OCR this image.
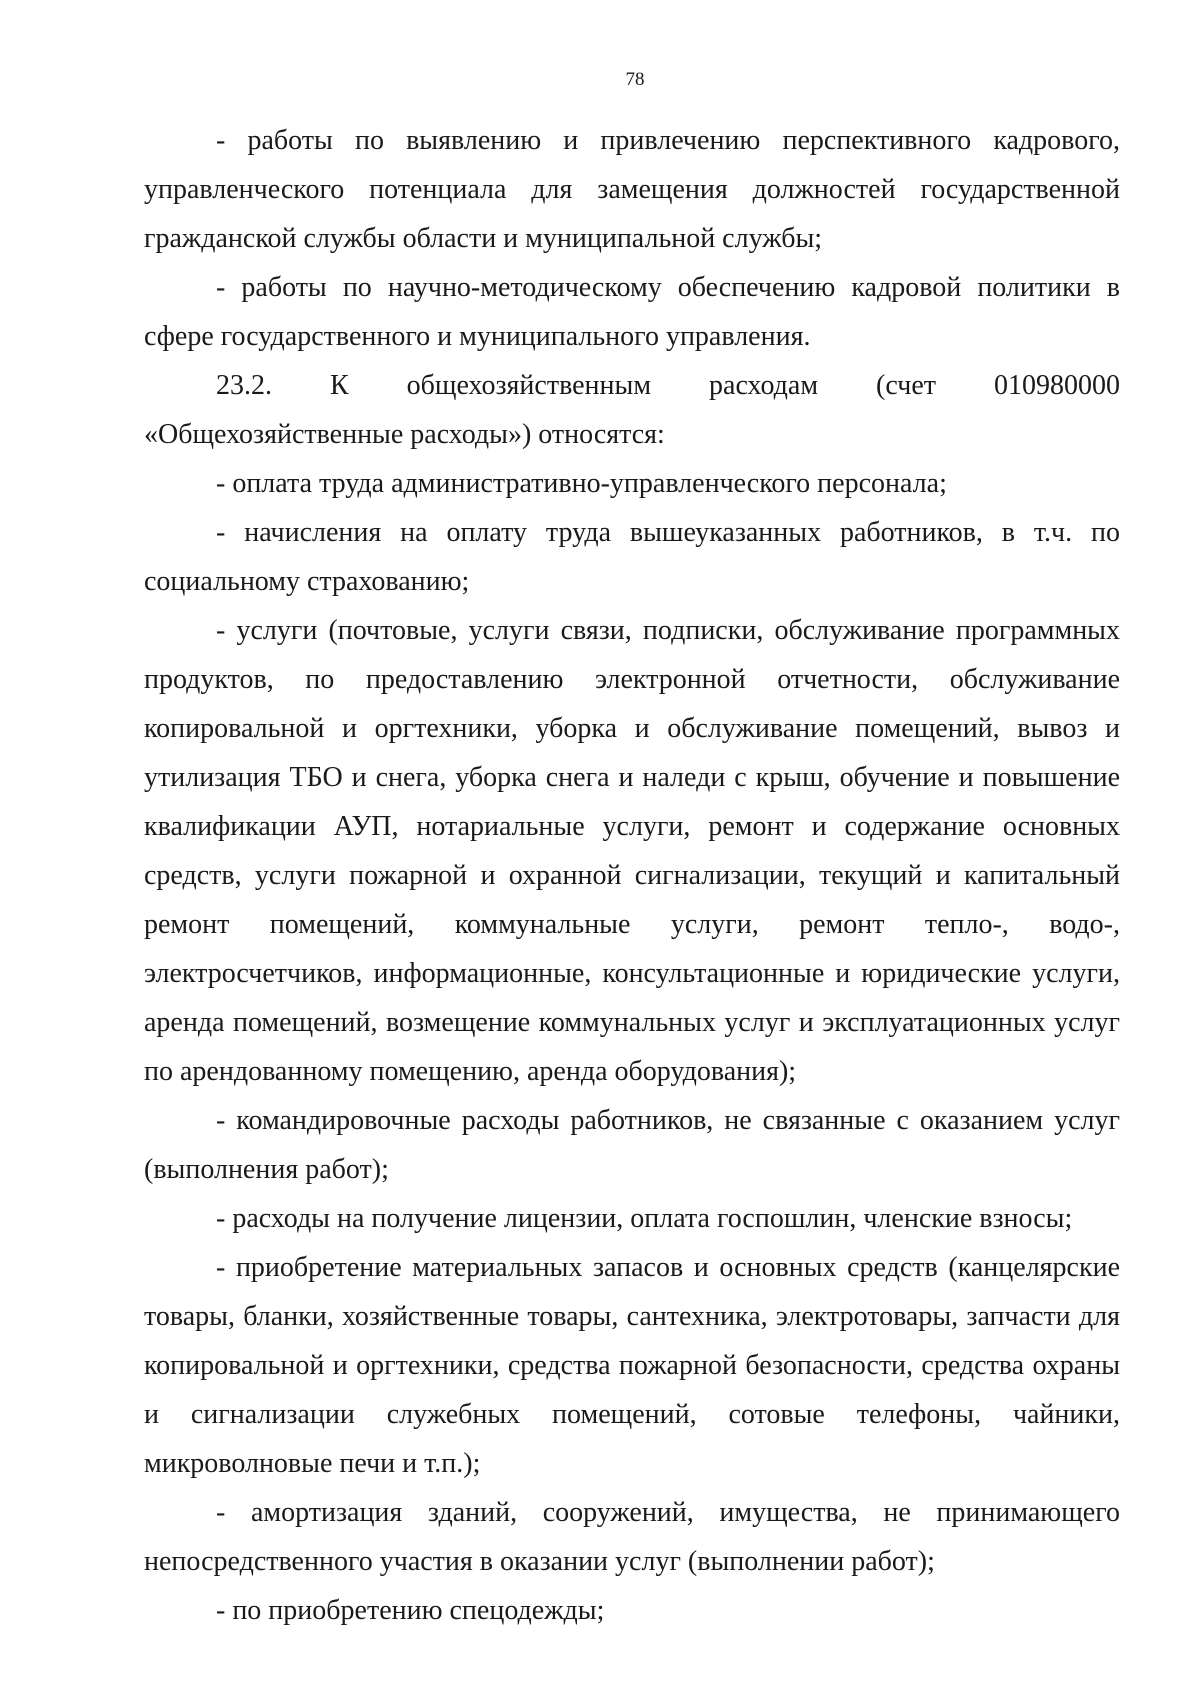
78

- работы по выявлению и привлечению перспективного кадрового, управленческого потенциала для замещения должностей государственной гражданской службы области и муниципальной службы;

- работы по научно-методическому обеспечению кадровой политики в сфере государственного и муниципального управления.

23.2. К общехозяйственным расходам (счет 010980000 «Общехозяйственные расходы») относятся:

- оплата труда административно-управленческого персонала;

- начисления на оплату труда вышеуказанных работников, в т.ч. по социальному страхованию;

- услуги (почтовые, услуги связи, подписки, обслуживание программных продуктов, по предоставлению электронной отчетности, обслуживание копировальной и оргтехники, уборка и обслуживание помещений, вывоз и утилизация ТБО и снега, уборка снега и наледи с крыш, обучение и повышение квалификации АУП, нотариальные услуги, ремонт и содержание основных средств, услуги пожарной и охранной сигнализации, текущий и капитальный ремонт помещений, коммунальные услуги, ремонт тепло-, водо-, электросчетчиков, информационные, консультационные и юридические услуги, аренда помещений, возмещение коммунальных услуг и эксплуатационных услуг по арендованному помещению, аренда оборудования);

- командировочные расходы работников, не связанные с оказанием услуг (выполнения работ);

- расходы на получение лицензии, оплата госпошлин, членские взносы;

- приобретение материальных запасов и основных средств (канцелярские товары, бланки, хозяйственные товары, сантехника, электротовары, запчасти для копировальной и оргтехники, средства пожарной безопасности, средства охраны и сигнализации служебных помещений, сотовые телефоны, чайники, микроволновые печи и т.п.);

- амортизация зданий, сооружений, имущества, не принимающего непосредственного участия в оказании услуг (выполнении работ);

- по приобретению спецодежды;
